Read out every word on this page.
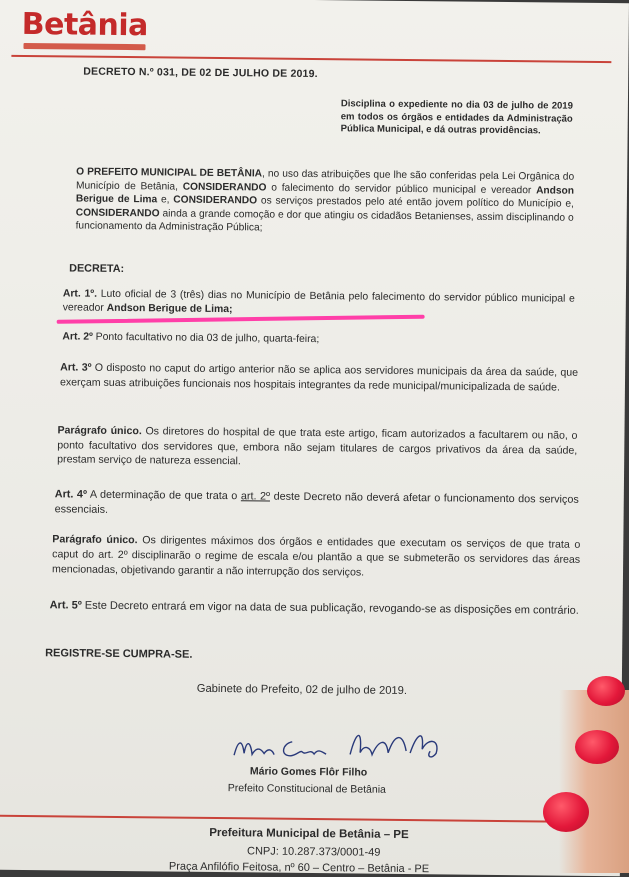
Betânia
DECRETO N.º 031, DE 02 DE JULHO DE 2019.
Disciplina o expediente no dia 03 de julho de 2019 em todos os órgãos e entidades da Administração Pública Municipal, e dá outras providências.
O PREFEITO MUNICIPAL DE BETÂNIA, no uso das atribuições que lhe são conferidas pela Lei Orgânica do Município de Betânia, CONSIDERANDO o falecimento do servidor público municipal e vereador Andson Berigue de Lima e, CONSIDERANDO os serviços prestados pelo até então jovem político do Município e, CONSIDERANDO ainda a grande comoção e dor que atingiu os cidadãos Betanienses, assim disciplinando o funcionamento da Administração Pública;
DECRETA:
Art. 1º. Luto oficial de 3 (três) dias no Município de Betânia pelo falecimento do servidor público municipal e vereador Andson Berigue de Lima;
Art. 2º Ponto facultativo no dia 03 de julho, quarta-feira;
Art. 3º O disposto no caput do artigo anterior não se aplica aos servidores municipais da área da saúde, que exerçam suas atribuições funcionais nos hospitais integrantes da rede municipal/municipalizada de saúde.
Parágrafo único. Os diretores do hospital de que trata este artigo, ficam autorizados a facultarem ou não, o ponto facultativo dos servidores que, embora não sejam titulares de cargos privativos da área da saúde, prestam serviço de natureza essencial.
Art. 4º A determinação de que trata o art. 2º deste Decreto não deverá afetar o funcionamento dos serviços essenciais.
Parágrafo único. Os dirigentes máximos dos órgãos e entidades que executam os serviços de que trata o caput do art. 2º disciplinarão o regime de escala e/ou plantão a que se submeterão os servidores das áreas mencionadas, objetivando garantir a não interrupção dos serviços.
Art. 5º Este Decreto entrará em vigor na data de sua publicação, revogando-se as disposições em contrário.
REGISTRE-SE CUMPRA-SE.
Gabinete do Prefeito, 02 de julho de 2019.
Mário Gomes Flôr Filho
Prefeito Constitucional de Betânia
Prefeitura Municipal de Betânia – PE
CNPJ: 10.287.373/0001-49
Praça Anfilófio Feitosa, nº 60 – Centro – Betânia - PE
